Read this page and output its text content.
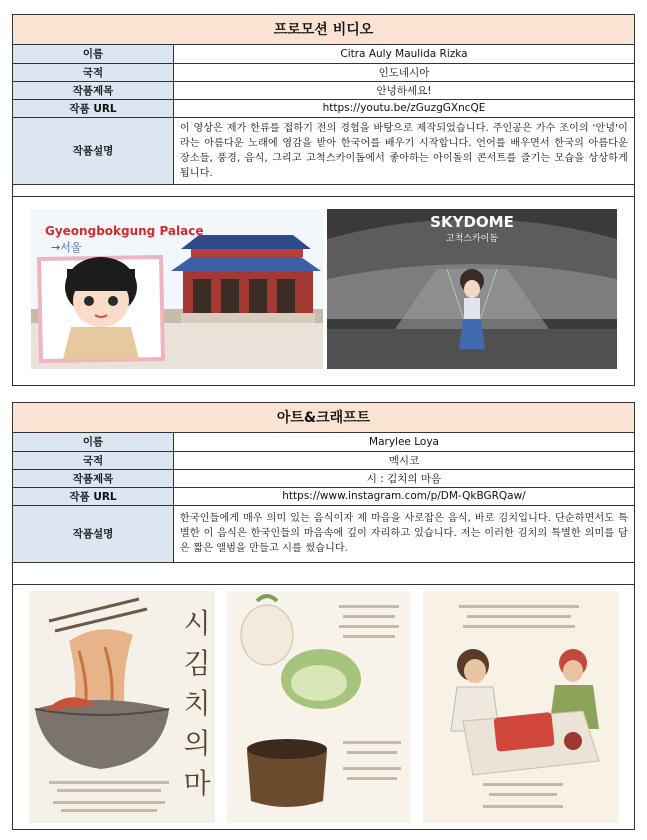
프로모션 비디오
이름	Citra Auly Maulida Rizka
국적	인도네시아
작품제목	안녕하세요!
작품 URL	https://youtu.be/zGuzgGXncQE
작품설명	이 영상은 제가 한류를 접하기 전의 경험을 바탕으로 제작되었습니다. 주인공은 가수 조이의 '안녕'이라는 아름다운 노래에 영감을 받아 한국어를 배우기 시작합니다. 언어를 배우면서 한국의 아름다운 장소들, 풍경, 음식, 그리고 고척스카이돔에서 좋아하는 아이돌의 콘서트를 즐기는 모습을 상상하게 됩니다.
Gyeongbokgung Palace
→서울
SKYDOME
고척스카이돔
아트&크래프트
이름	Marylee Loya
국적	멕시코
작품제목	시 : 김치의 마음
작품 URL	https://www.instagram.com/p/DM-QkBGRQaw/
작품설명	한국인들에게 매우 의미 있는 음식이자 제 마음을 사로잡은 음식, 바로 김치입니다. 단순하면서도 특별한 이 음식은 한국인들의 마음속에 깊이 자리하고 있습니다. 저는 이러한 김치의 특별한 의미를 담은 짧은 앨범을 만들고 시를 썼습니다.
시
김
치
의
마
